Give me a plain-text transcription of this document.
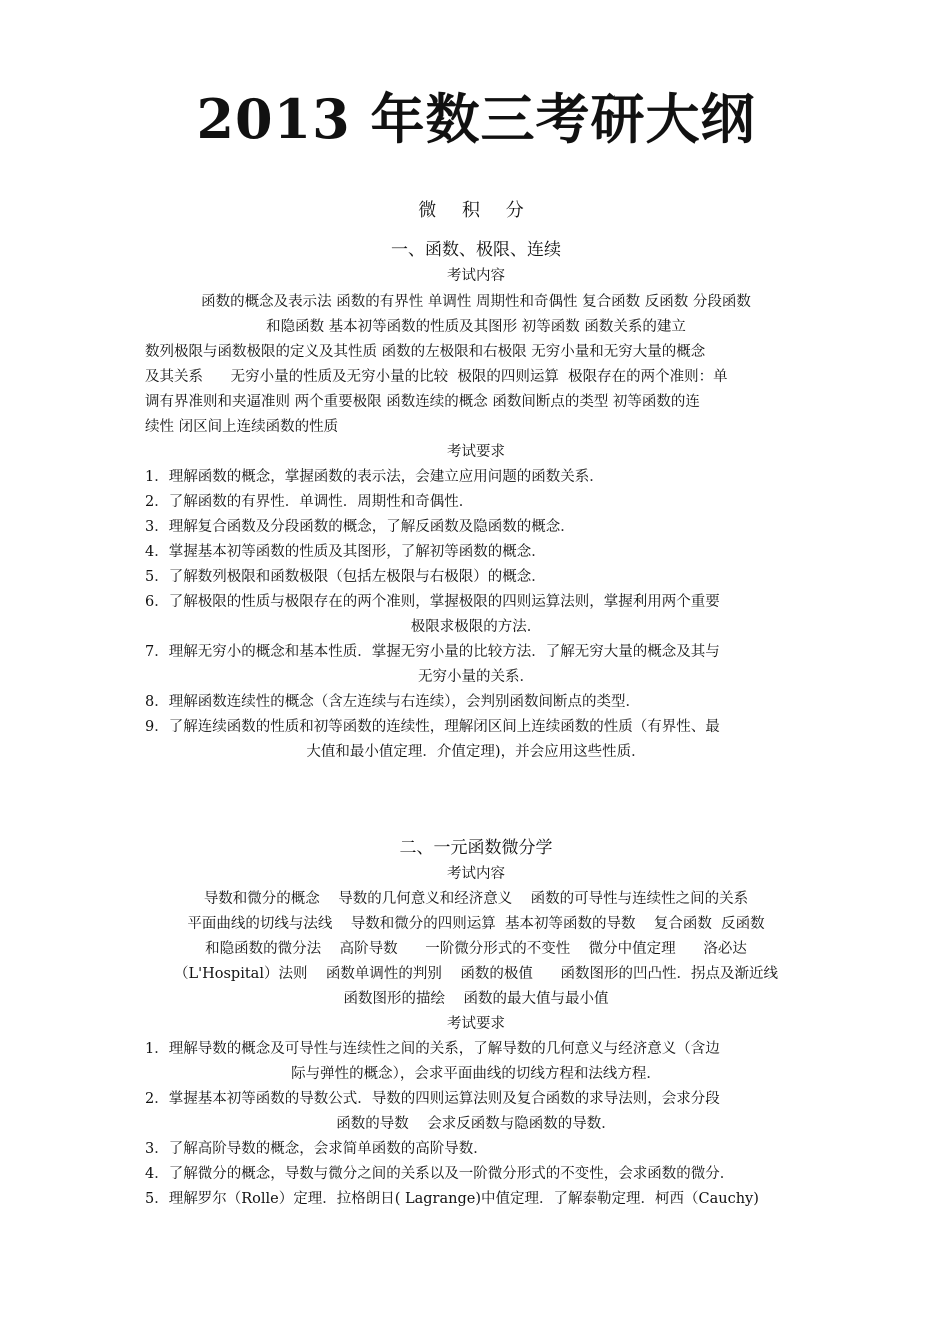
2013 年数三考研大纲
微 积 分
一、函数、极限、连续
考试内容
函数的概念及表示法 函数的有界性 单调性 周期性和奇偶性 复合函数 反函数 分段函数
和隐函数 基本初等函数的性质及其图形 初等函数 函数关系的建立
数列极限与函数极限的定义及其性质 函数的左极限和右极限 无穷小量和无穷大量的概念
及其关系      无穷小量的性质及无穷小量的比较  极限的四则运算  极限存在的两个准则：单
调有界准则和夹逼准则 两个重要极限 函数连续的概念 函数间断点的类型 初等函数的连
续性 闭区间上连续函数的性质
考试要求
1．理解函数的概念，掌握函数的表示法，会建立应用问题的函数关系．
2．了解函数的有界性．单调性．周期性和奇偶性．
3．理解复合函数及分段函数的概念，了解反函数及隐函数的概念．
4．掌握基本初等函数的性质及其图形，了解初等函数的概念．
5．了解数列极限和函数极限（包括左极限与右极限）的概念．
6．了解极限的性质与极限存在的两个准则，掌握极限的四则运算法则，掌握利用两个重要
极限求极限的方法．
7．理解无穷小的概念和基本性质．掌握无穷小量的比较方法．了解无穷大量的概念及其与
无穷小量的关系．
8．理解函数连续性的概念（含左连续与右连续），会判别函数间断点的类型．
9．了解连续函数的性质和初等函数的连续性，理解闭区间上连续函数的性质（有界性、最
大值和最小值定理．介值定理)，并会应用这些性质．
二、一元函数微分学
考试内容
导数和微分的概念    导数的几何意义和经济意义    函数的可导性与连续性之间的关系
平面曲线的切线与法线    导数和微分的四则运算  基本初等函数的导数    复合函数  反函数
和隐函数的微分法    高阶导数      一阶微分形式的不变性    微分中值定理      洛必达
（L'Hospital）法则    函数单调性的判别    函数的极值      函数图形的凹凸性．拐点及渐近线
函数图形的描绘    函数的最大值与最小值
考试要求
1．理解导数的概念及可导性与连续性之间的关系，了解导数的几何意义与经济意义（含边
际与弹性的概念），会求平面曲线的切线方程和法线方程．
2．掌握基本初等函数的导数公式．导数的四则运算法则及复合函数的求导法则，会求分段
函数的导数    会求反函数与隐函数的导数．
3．了解高阶导数的概念，会求简单函数的高阶导数．
4．了解微分的概念，导数与微分之间的关系以及一阶微分形式的不变性，会求函数的微分．
5．理解罗尔（Rolle）定理．拉格朗日( Lagrange)中值定理．了解泰勒定理．柯西（Cauchy)
